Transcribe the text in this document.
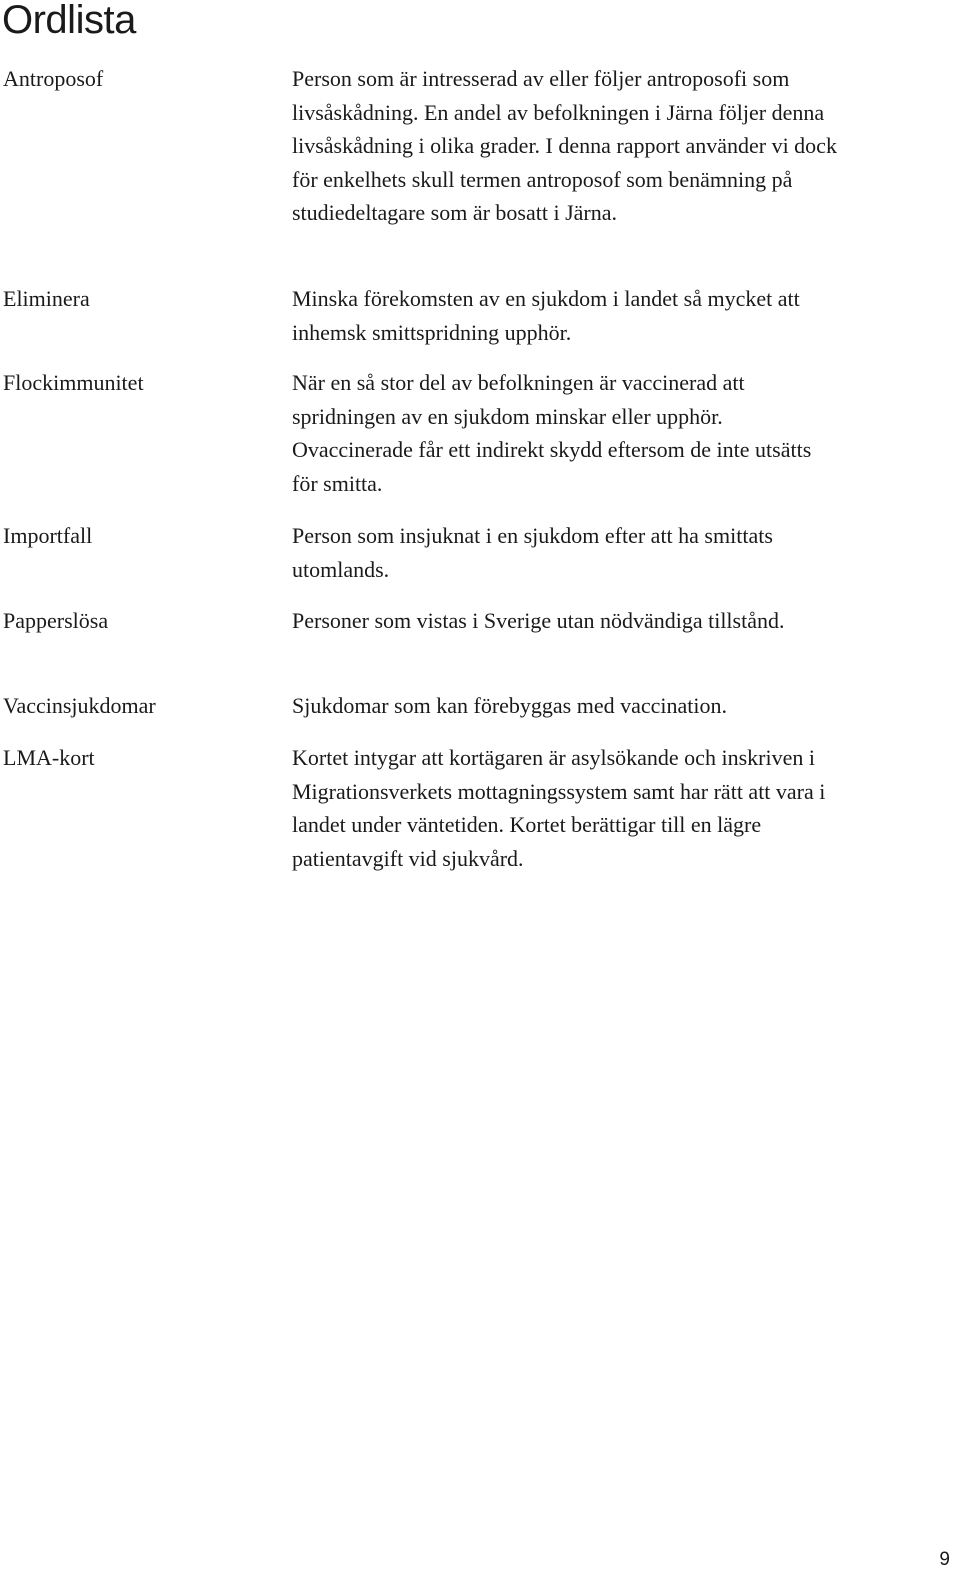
Ordlista
Antroposof	Person som är intresserad av eller följer antroposofi som livsåskådning. En andel av befolkningen i Järna följer denna livsåskådning i olika grader. I denna rapport använder vi dock för enkelhets skull termen antroposof som benämning på studiedeltagare som är bosatt i Järna.
Eliminera	Minska förekomsten av en sjukdom i landet så mycket att inhemsk smittspridning upphör.
Flockimmunitet	När en så stor del av befolkningen är vaccinerad att spridningen av en sjukdom minskar eller upphör. Ovaccinerade får ett indirekt skydd eftersom de inte utsätts för smitta.
Importfall	Person som insjuknat i en sjukdom efter att ha smittats utomlands.
Papperslösa	Personer som vistas i Sverige utan nödvändiga tillstånd.
Vaccinsjukdomar	Sjukdomar som kan förebyggas med vaccination.
LMA-kort	Kortet intygar att kortägaren är asylsökande och inskriven i Migrationsverkets mottagningssystem samt har rätt att vara i landet under väntetiden. Kortet berättigar till en lägre patientavgift vid sjukvård.
9
